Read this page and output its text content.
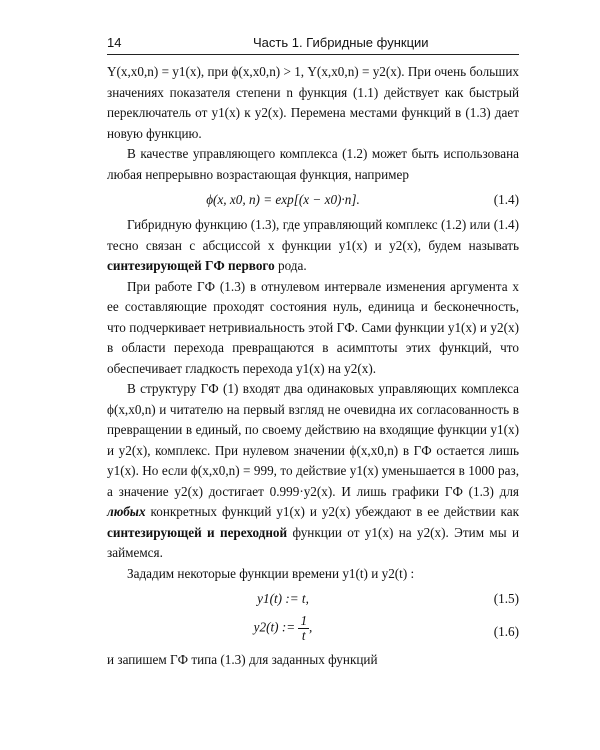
14	Часть 1. Гибридные функции

Y(x,x0,n) = y1(x), при ϕ(x,x0,n) > 1, Y(x,x0,n) = y2(x). При очень больших значениях показателя степени n функция (1.1) действует как быстрый переключатель от y1(x) к y2(x). Перемена местами функций в (1.3) дает новую функцию.

В качестве управляющего комплекса (1.2) может быть использована любая непрерывно возрастающая функция, например

ϕ(x, x0, n) = exp[(x − x0)·n].	(1.4)

Гибридную функцию (1.3), где управляющий комплекс (1.2) или (1.4) тесно связан с абсциссой x функции y1(x) и y2(x), будем называть синтезирующей ГФ первого рода.

При работе ГФ (1.3) в отнулевом интервале изменения аргумента x ее составляющие проходят состояния нуль, единица и бесконечность, что подчеркивает нетривиальность этой ГФ. Сами функции y1(x) и y2(x) в области перехода превращаются в асимптоты этих функций, что обеспечивает гладкость перехода y1(x) на y2(x).

В структуру ГФ (1) входят два одинаковых управляющих комплекса ϕ(x,x0,n) и читателю на первый взгляд не очевидна их согласованность в превращении в единый, по своему действию на входящие функции y1(x) и y2(x), комплекс. При нулевом значении ϕ(x,x0,n) в ГФ остается лишь y1(x). Но если ϕ(x,x0,n) = 999, то действие y1(x) уменьшается в 1000 раз, а значение y2(x) достигает 0.999·y2(x). И лишь графики ГФ (1.3) для любых конкретных функций y1(x) и y2(x) убеждают в ее действии как синтезирующей и переходной функции от y1(x) на y2(x). Этим мы и займемся.

Зададим некоторые функции времени y1(t) и y2(t) :

y1(t) := t,	(1.5)
y2(t) := $\frac{1}{t}$ ,	(1.6)

и запишем ГФ типа (1.3) для заданных функций
